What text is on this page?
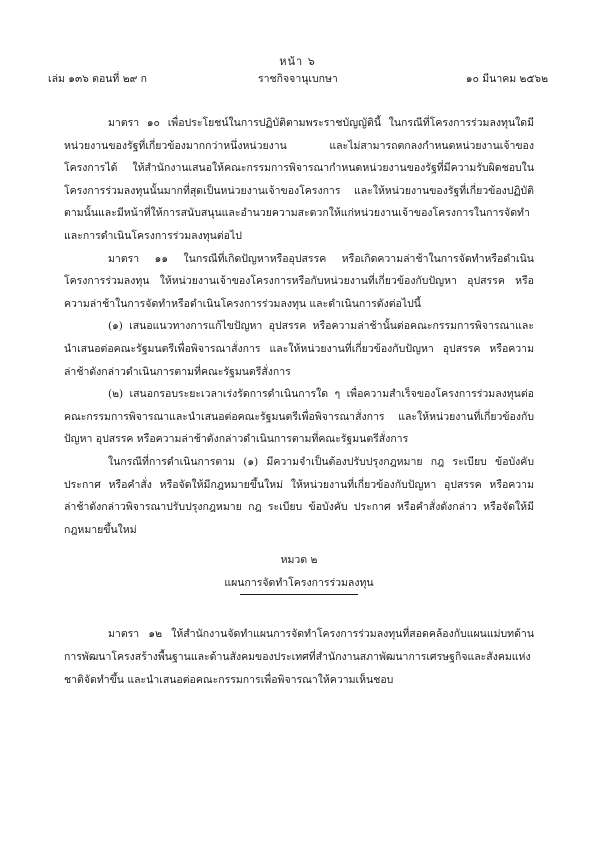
หน้า ๖
เล่ม ๑๓๖ ตอนที่ ๒๙ ก	ราชกิจจานุเบกษา	๑๐ มีนาคม ๒๕๖๒

มาตรา ๑๐ เพื่อประโยชน์ในการปฏิบัติตามพระราชบัญญัตินี้ ในกรณีที่โครงการร่วมลงทุนใดมีหน่วยงานของรัฐที่เกี่ยวข้องมากกว่าหนึ่งหน่วยงาน และไม่สามารถตกลงกำหนดหน่วยงานเจ้าของโครงการได้ ให้สำนักงานเสนอให้คณะกรรมการพิจารณากำหนดหน่วยงานของรัฐที่มีความรับผิดชอบในโครงการร่วมลงทุนนั้นมากที่สุดเป็นหน่วยงานเจ้าของโครงการ และให้หน่วยงานของรัฐที่เกี่ยวข้องปฏิบัติตามนั้นและมีหน้าที่ให้การสนับสนุนและอำนวยความสะดวกให้แก่หน่วยงานเจ้าของโครงการในการจัดทำและการดำเนินโครงการร่วมลงทุนต่อไป

มาตรา ๑๑ ในกรณีที่เกิดปัญหาหรืออุปสรรค หรือเกิดความล่าช้าในการจัดทำหรือดำเนินโครงการร่วมลงทุน ให้หน่วยงานเจ้าของโครงการหรือกับหน่วยงานที่เกี่ยวข้องกับปัญหา อุปสรรค หรือความล่าช้าในการจัดทำหรือดำเนินโครงการร่วมลงทุน และดำเนินการดังต่อไปนี้

(๑) เสนอแนวทางการแก้ไขปัญหา อุปสรรค หรือความล่าช้านั้นต่อคณะกรรมการพิจารณาและนำเสนอต่อคณะรัฐมนตรีเพื่อพิจารณาสั่งการ และให้หน่วยงานที่เกี่ยวข้องกับปัญหา อุปสรรค หรือความล่าช้าดังกล่าวดำเนินการตามที่คณะรัฐมนตรีสั่งการ

(๒) เสนอกรอบระยะเวลาเร่งรัดการดำเนินการใด ๆ เพื่อความสำเร็จของโครงการร่วมลงทุนต่อคณะกรรมการพิจารณาและนำเสนอต่อคณะรัฐมนตรีเพื่อพิจารณาสั่งการ และให้หน่วยงานที่เกี่ยวข้องกับปัญหา อุปสรรค หรือความล่าช้าดังกล่าวดำเนินการตามที่คณะรัฐมนตรีสั่งการ

ในกรณีที่การดำเนินการตาม (๑) มีความจำเป็นต้องปรับปรุงกฎหมาย กฎ ระเบียบ ข้อบังคับ ประกาศ หรือคำสั่ง หรือจัดให้มีกฎหมายขึ้นใหม่ ให้หน่วยงานที่เกี่ยวข้องกับปัญหา อุปสรรค หรือความล่าช้าดังกล่าวพิจารณาปรับปรุงกฎหมาย กฎ ระเบียบ ข้อบังคับ ประกาศ หรือคำสั่งดังกล่าว หรือจัดให้มีกฎหมายขึ้นใหม่

หมวด ๒
แผนการจัดทำโครงการร่วมลงทุน

มาตรา ๑๒ ให้สำนักงานจัดทำแผนการจัดทำโครงการร่วมลงทุนที่สอดคล้องกับแผนแม่บทด้านการพัฒนาโครงสร้างพื้นฐานและด้านสังคมของประเทศที่สำนักงานสภาพัฒนาการเศรษฐกิจและสังคมแห่งชาติจัดทำขึ้น และนำเสนอต่อคณะกรรมการเพื่อพิจารณาให้ความเห็นชอบ
